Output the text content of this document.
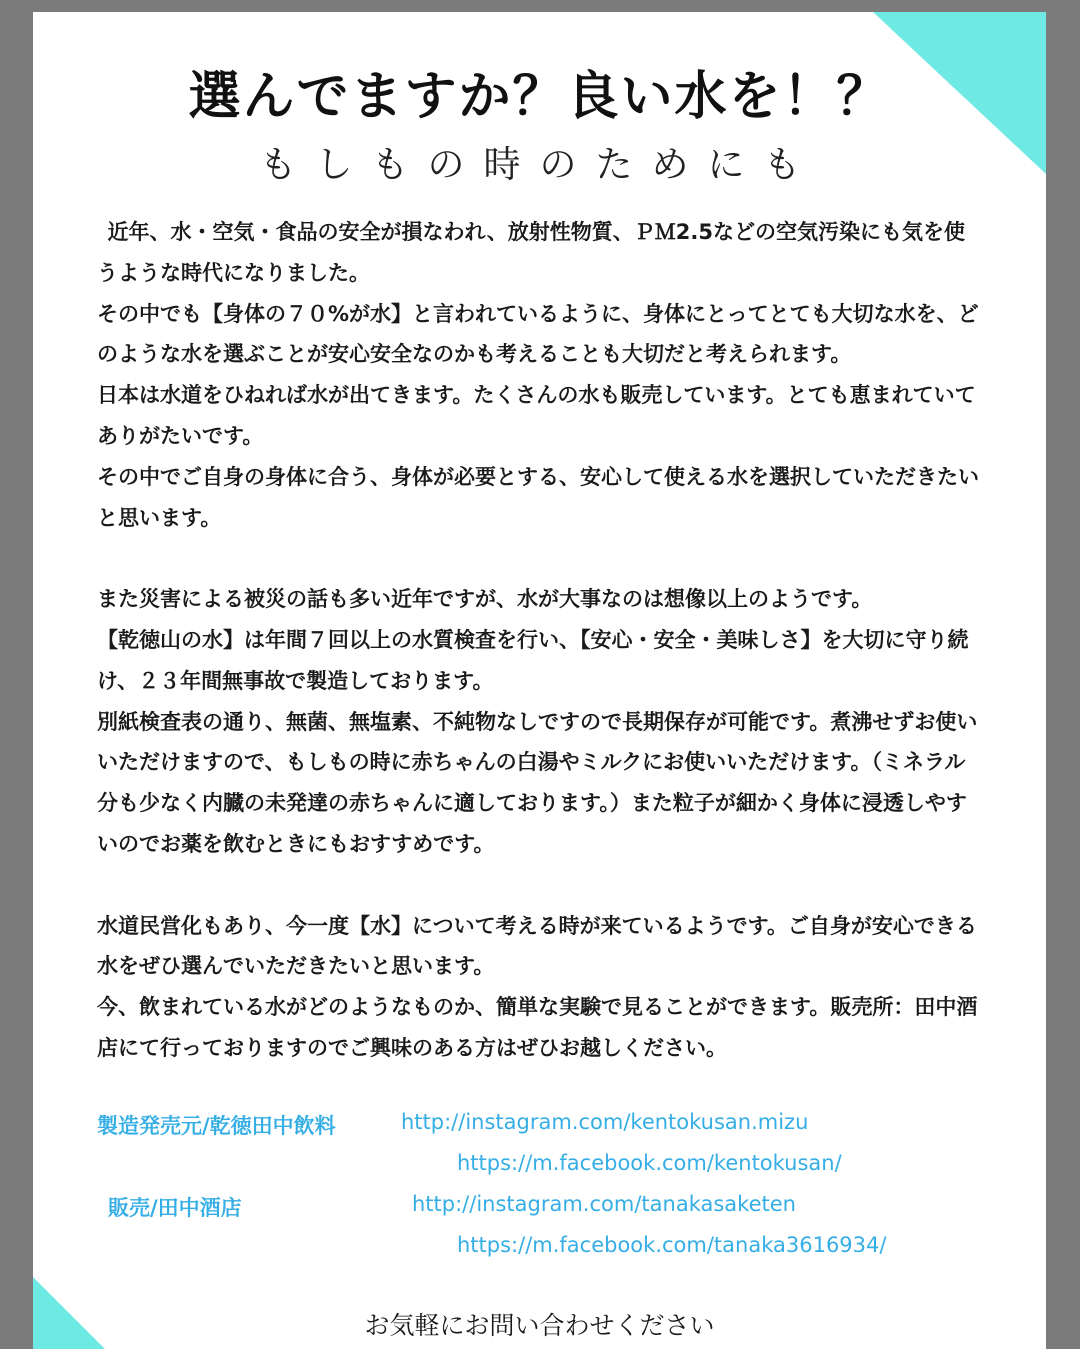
選んでますか？良い水を！？
もしもの時のためにも

近年、水・空気・食品の安全が損なわれ、放射性物質、ＰＭ2.5などの空気汚染にも気を使うような時代になりました。

その中でも【身体の７０%が水】と言われているように、身体にとってとても大切な水を、どのような水を選ぶことが安心安全なのかも考えることも大切だと考えられます。

日本は水道をひねれば水が出てきます。たくさんの水も販売しています。とても恵まれていてありがたいです。

その中でご自身の身体に合う、身体が必要とする、安心して使える水を選択していただきたいと思います。

また災害による被災の話も多い近年ですが、水が大事なのは想像以上のようです。

【乾徳山の水】は年間７回以上の水質検査を行い、【安心・安全・美味しさ】を大切に守り続け、２３年間無事故で製造しております。

別紙検査表の通り、無菌、無塩素、不純物なしですので長期保存が可能です。煮沸せずお使いいただけますので、もしもの時に赤ちゃんの白湯やミルクにお使いいただけます。（ミネラル分も少なく内臓の未発達の赤ちゃんに適しております。）また粒子が細かく身体に浸透しやすいのでお薬を飲むときにもおすすめです。

水道民営化もあり、今一度【水】について考える時が来ているようです。ご自身が安心できる水をぜひ選んでいただきたいと思います。

今、飲まれている水がどのようなものか、簡単な実験で見ることができます。販売所：田中酒店にて行っておりますのでご興味のある方はぜひお越しください。

製造発売元/乾徳田中飲料	http://instagram.com/kentokusan.mizu
https://m.facebook.com/kentokusan/
販売/田中酒店	http://instagram.com/tanakasaketen
https://m.facebook.com/tanaka3616934/
お気軽にお問い合わせください
